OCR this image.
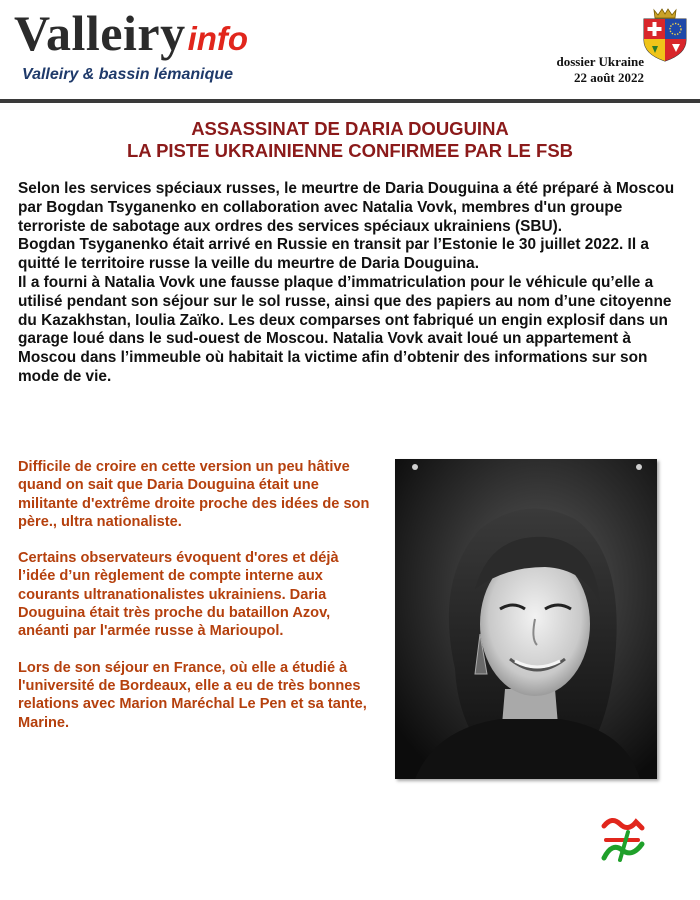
Valleiryinfo
Valleiry & bassin lémanique
dossier Ukraine
22 août 2022
ASSASSINAT DE DARIA DOUGUINA
LA PISTE UKRAINIENNE CONFIRMEE PAR LE FSB

Selon les services spéciaux russes, le meurtre de Daria Douguina a été préparé à Moscou par Bogdan Tsyganenko en collaboration avec Natalia Vovk, membres d'un groupe terroriste de sabotage aux ordres des services spéciaux ukrainiens (SBU).

Bogdan Tsyganenko était arrivé en Russie en transit par l’Estonie le 30 juillet 2022. Il a quitté le territoire russe la veille du meurtre de Daria Douguina.

Il a fourni à Natalia Vovk une fausse plaque d’immatriculation pour le véhicule qu’elle a utilisé pendant son séjour sur le sol russe, ainsi que des papiers au nom d’une citoyenne du Kazakhstan, Ioulia Zaïko. Les deux comparses ont fabriqué un engin explosif dans un garage loué dans le sud-ouest de Moscou. Natalia Vovk avait loué un appartement à Moscou dans l’immeuble où habitait la victime afin d’obtenir des informations sur son mode de vie.

Difficile de croire en cette version un peu hâtive quand on sait que Daria Douguina était une militante d'extrême droite proche des idées de son père., ultra nationaliste.

Certains observateurs évoquent d'ores et déjà l’idée d’un règlement de compte interne aux courants ultranationalistes ukrainiens. Daria Douguina était très proche du bataillon Azov, anéanti par l'armée russe à Marioupol.

Lors de son séjour en France, où elle a étudié à l'université de Bordeaux, elle a eu de très bonnes relations avec Marion Maréchal Le Pen et sa tante, Marine.
